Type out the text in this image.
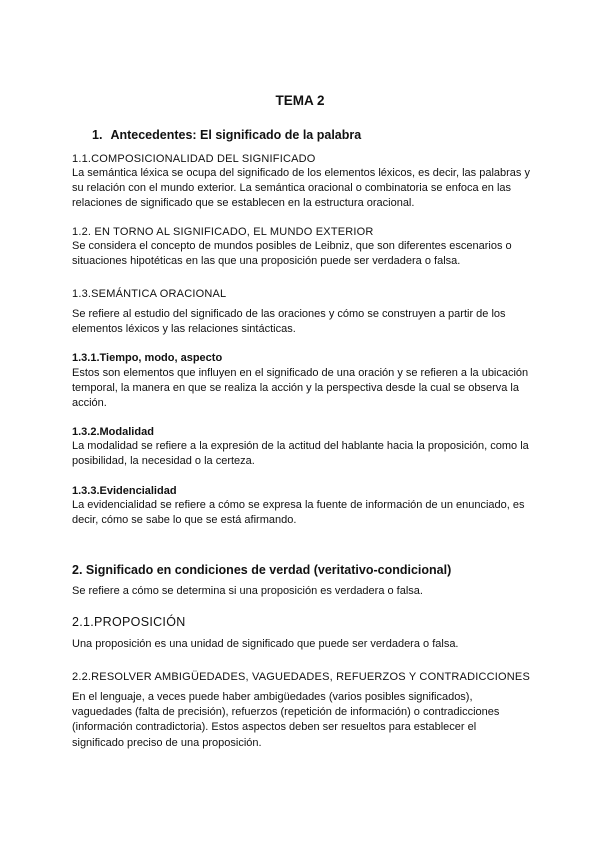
TEMA 2
1. Antecedentes: El significado de la palabra
1.1.COMPOSICIONALIDAD DEL SIGNIFICADO
La semántica léxica se ocupa del significado de los elementos léxicos, es decir, las palabras y su relación con el mundo exterior. La semántica oracional o combinatoria se enfoca en las relaciones de significado que se establecen en la estructura oracional.
1.2. EN TORNO AL SIGNIFICADO, EL MUNDO EXTERIOR
Se considera el concepto de mundos posibles de Leibniz, que son diferentes escenarios o situaciones hipotéticas en las que una proposición puede ser verdadera o falsa.
1.3.SEMÁNTICA ORACIONAL
Se refiere al estudio del significado de las oraciones y cómo se construyen a partir de los elementos léxicos y las relaciones sintácticas.
1.3.1.Tiempo, modo, aspecto
Estos son elementos que influyen en el significado de una oración y se refieren a la ubicación temporal, la manera en que se realiza la acción y la perspectiva desde la cual se observa la acción.
1.3.2.Modalidad
La modalidad se refiere a la expresión de la actitud del hablante hacia la proposición, como la posibilidad, la necesidad o la certeza.
1.3.3.Evidencialidad
La evidencialidad se refiere a cómo se expresa la fuente de información de un enunciado, es decir, cómo se sabe lo que se está afirmando.
2. Significado en condiciones de verdad (veritativo-condicional)
Se refiere a cómo se determina si una proposición es verdadera o falsa.
2.1.PROPOSICIÓN
Una proposición es una unidad de significado que puede ser verdadera o falsa.
2.2.RESOLVER AMBIGÜEDADES, VAGUEDADES, REFUERZOS Y CONTRADICCIONES
En el lenguaje, a veces puede haber ambigüedades (varios posibles significados), vaguedades (falta de precisión), refuerzos (repetición de información) o contradicciones (información contradictoria). Estos aspectos deben ser resueltos para establecer el significado preciso de una proposición.
